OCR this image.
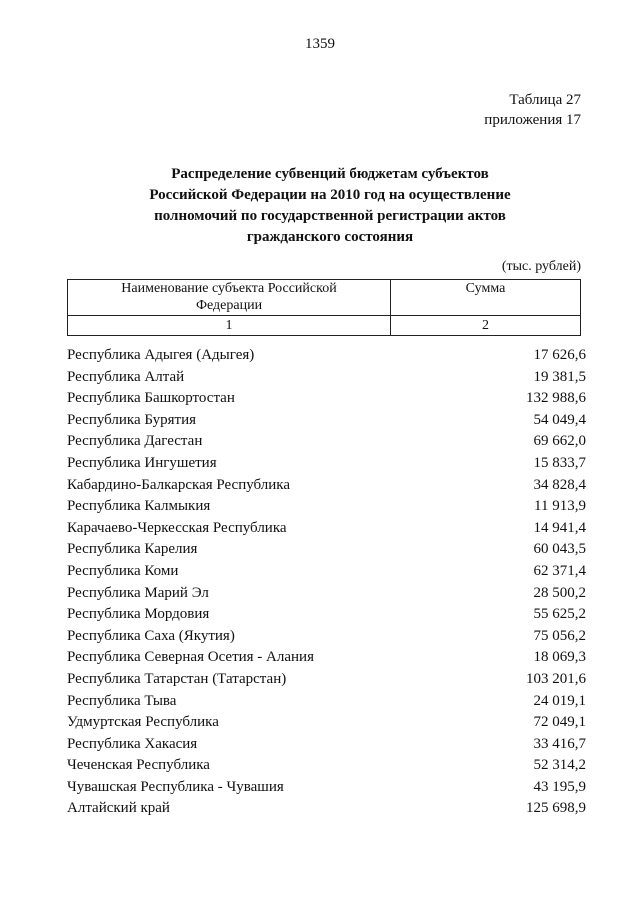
1359
Таблица 27
приложения 17
Распределение субвенций бюджетам субъектов
Российской Федерации на 2010 год на осуществление
полномочий по государственной регистрации актов
гражданского состояния
(тыс. рублей)
Наименование субъекта Российской
Федерации	Сумма
1	2
Республика Адыгея (Адыгея)	17 626,6
Республика Алтай	19 381,5
Республика Башкортостан	132 988,6
Республика Бурятия	54 049,4
Республика Дагестан	69 662,0
Республика Ингушетия	15 833,7
Кабардино-Балкарская Республика	34 828,4
Республика Калмыкия	11 913,9
Карачаево-Черкесская Республика	14 941,4
Республика Карелия	60 043,5
Республика Коми	62 371,4
Республика Марий Эл	28 500,2
Республика Мордовия	55 625,2
Республика Саха (Якутия)	75 056,2
Республика Северная Осетия - Алания	18 069,3
Республика Татарстан (Татарстан)	103 201,6
Республика Тыва	24 019,1
Удмуртская Республика	72 049,1
Республика Хакасия	33 416,7
Чеченская Республика	52 314,2
Чувашская Республика - Чувашия	43 195,9
Алтайский край	125 698,9
